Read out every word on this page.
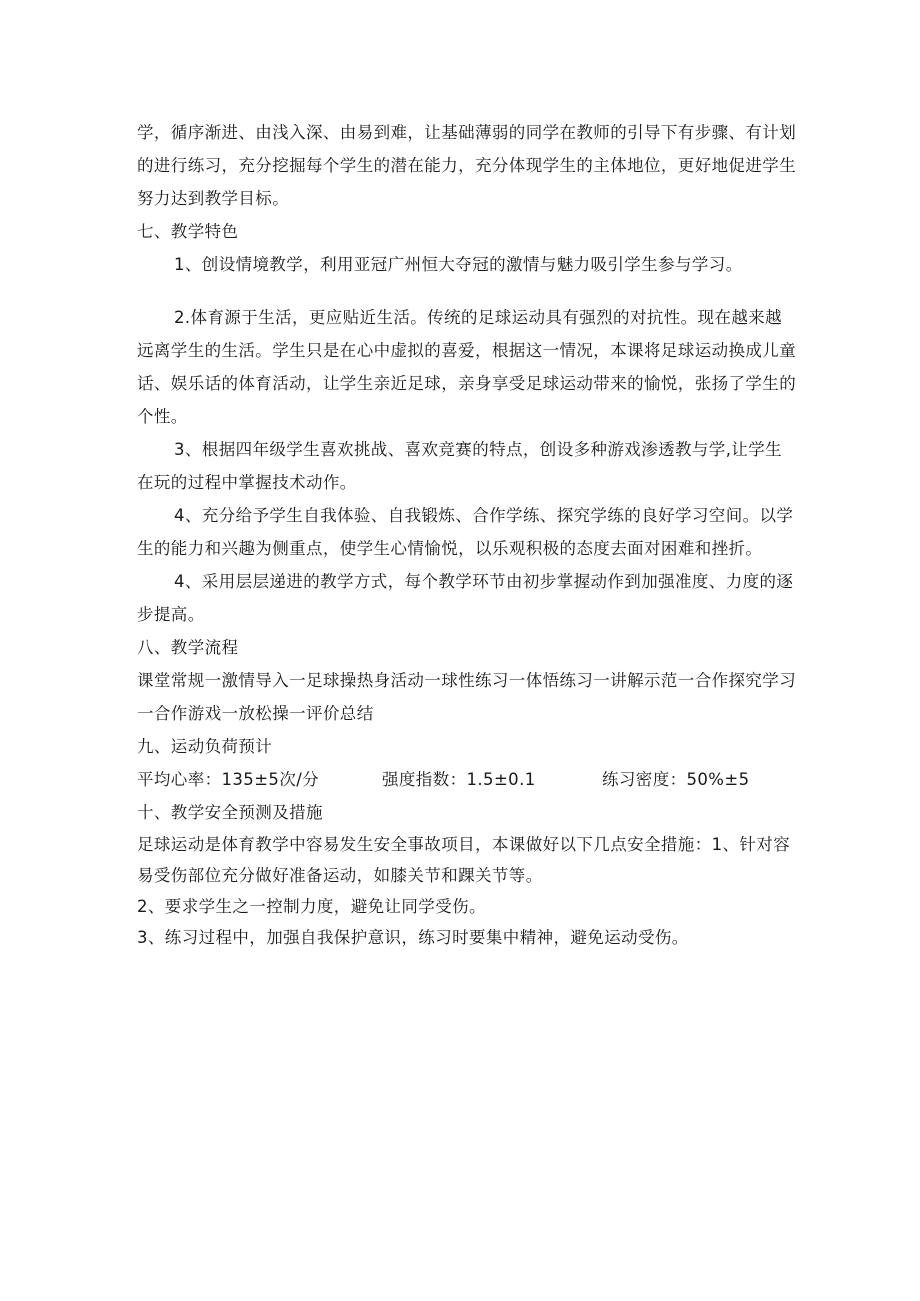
学，循序渐进、由浅入深、由易到难，让基础薄弱的同学在教师的引导下有步骤、有计划的进行练习，充分挖掘每个学生的潜在能力，充分体现学生的主体地位，更好地促进学生努力达到教学目标。

七、教学特色

1、创设情境教学，利用亚冠广州恒大夺冠的激情与魅力吸引学生参与学习。

2.体育源于生活，更应贴近生活。传统的足球运动具有强烈的对抗性。现在越来越远离学生的生活。学生只是在心中虚拟的喜爱，根据这一情况，本课将足球运动换成儿童话、娱乐话的体育活动，让学生亲近足球，亲身享受足球运动带来的愉悦，张扬了学生的个性。

3、根据四年级学生喜欢挑战、喜欢竞赛的特点，创设多种游戏渗透教与学,让学生在玩的过程中掌握技术动作。

4、充分给予学生自我体验、自我锻炼、合作学练、探究学练的良好学习空间。以学生的能力和兴趣为侧重点，使学生心情愉悦，以乐观积极的态度去面对困难和挫折。

4、采用层层递进的教学方式，每个教学环节由初步掌握动作到加强准度、力度的逐步提高。

八、教学流程

课堂常规一激情导入一足球操热身活动一球性练习一体悟练习一讲解示范一合作探究学习一合作游戏一放松操一评价总结

九、运动负荷预计

平均心率：135±5次/分	强度指数：1.5±0.1	练习密度：50%±5

十、教学安全预测及措施

足球运动是体育教学中容易发生安全事故项目，本课做好以下几点安全措施：1、针对容易受伤部位充分做好准备运动，如膝关节和踝关节等。

2、要求学生之一控制力度，避免让同学受伤。

3、练习过程中，加强自我保护意识，练习时要集中精神，避免运动受伤。
